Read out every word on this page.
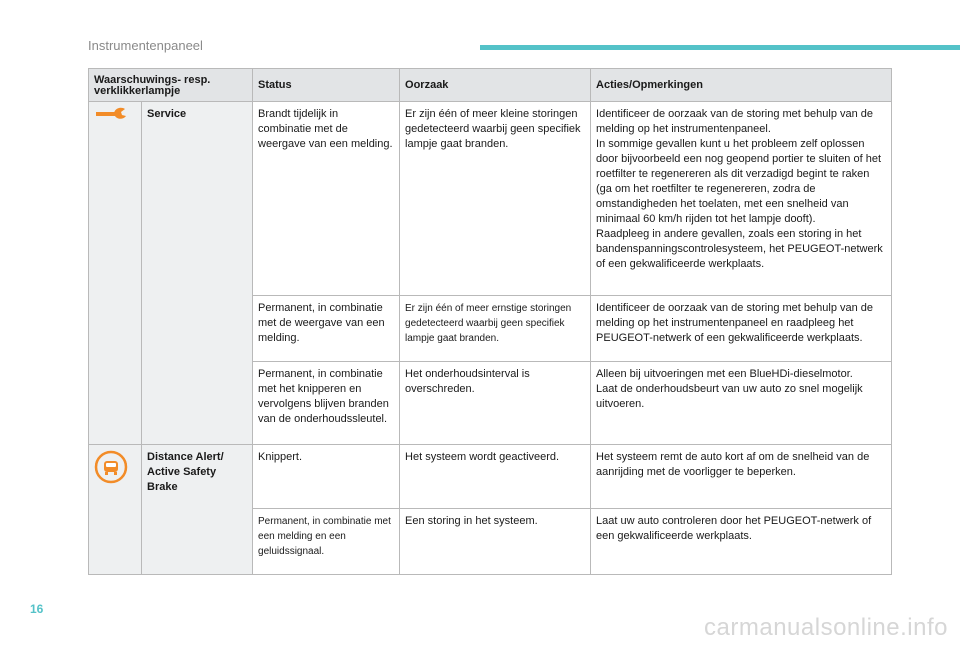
Instrumentenpaneel
Waarschuwings- resp. verklikkerlampje		Status	Oorzaak	Acties/Opmerkingen
	Service	Brandt tijdelijk in combinatie met de weergave van een melding.	Er zijn één of meer kleine storingen gedetecteerd waarbij geen specifiek lampje gaat branden.	Identificeer de oorzaak van de storing met behulp van de melding op het instrumentenpaneel.
In sommige gevallen kunt u het probleem zelf oplossen door bijvoorbeeld een nog geopend portier te sluiten of het roetfilter te regenereren als dit verzadigd begint te raken (ga om het roetfilter te regenereren, zodra de omstandigheden het toelaten, met een snelheid van minimaal 60 km/h rijden tot het lampje dooft).
Raadpleeg in andere gevallen, zoals een storing in het bandenspanningscontrolesysteem, het PEUGEOT-netwerk of een gekwalificeerde werkplaats.

		Permanent, in combinatie met de weergave van een melding.	Er zijn één of meer ernstige storingen gedetecteerd waarbij geen specifiek lampje gaat branden.	Identificeer de oorzaak van de storing met behulp van de melding op het instrumentenpaneel en raadpleeg het PEUGEOT-netwerk of een gekwalificeerde werkplaats.

		Permanent, in combinatie met het knipperen en vervolgens blijven branden van de onderhoudssleutel.	Het onderhoudsinterval is overschreden.	Alleen bij uitvoeringen met een BlueHDi-dieselmotor.
Laat de onderhoudsbeurt van uw auto zo snel mogelijk uitvoeren.

	Distance Alert/ Active Safety Brake	Knippert.	Het systeem wordt geactiveerd.	Het systeem remt de auto kort af om de snelheid van de aanrijding met de voorligger te beperken.

		Permanent, in combinatie met een melding en een geluidssignaal.	Een storing in het systeem.	Laat uw auto controleren door het PEUGEOT-netwerk of een gekwalificeerde werkplaats.
16
carmanualsonline.info
